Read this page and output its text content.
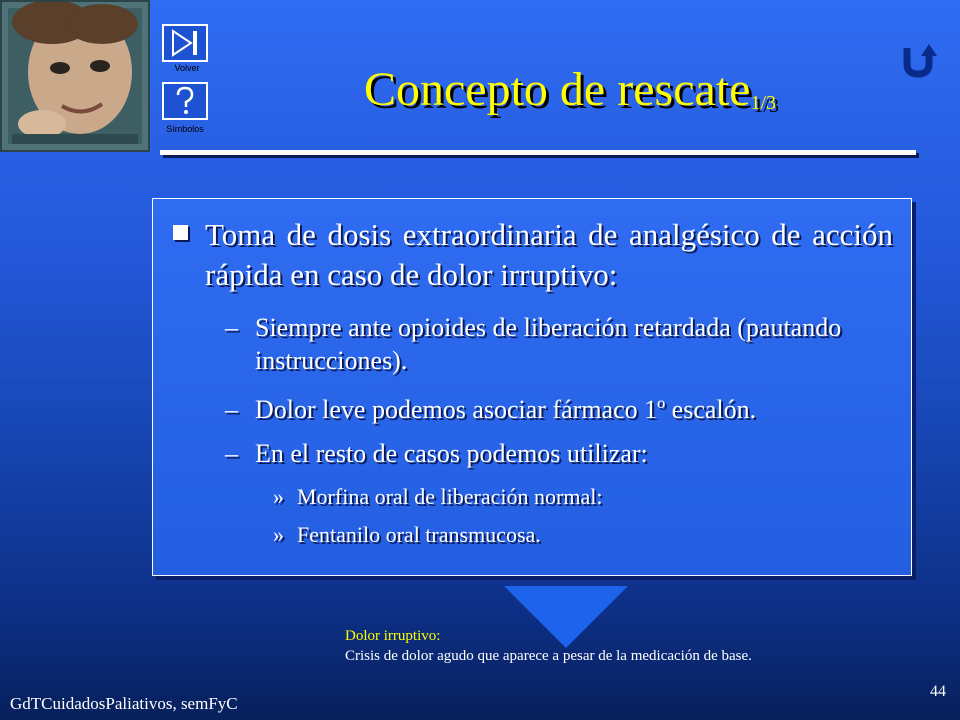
Volver
Símbolos
Concepto de rescate$_{1/3}$
Toma de dosis extraordinaria de analgésico de acción rápida en caso de dolor irruptivo:
– Siempre ante opioides de liberación retardada (pautando instrucciones).
– Dolor leve podemos asociar fármaco 1º escalón.
– En el resto de casos podemos utilizar:
» Morfina oral de liberación normal:
» Fentanilo oral transmucosa.
Dolor irruptivo:
Crisis de dolor agudo que aparece a pesar de la medicación de base.
GdTCuidadosPaliativos, semFyC
44
